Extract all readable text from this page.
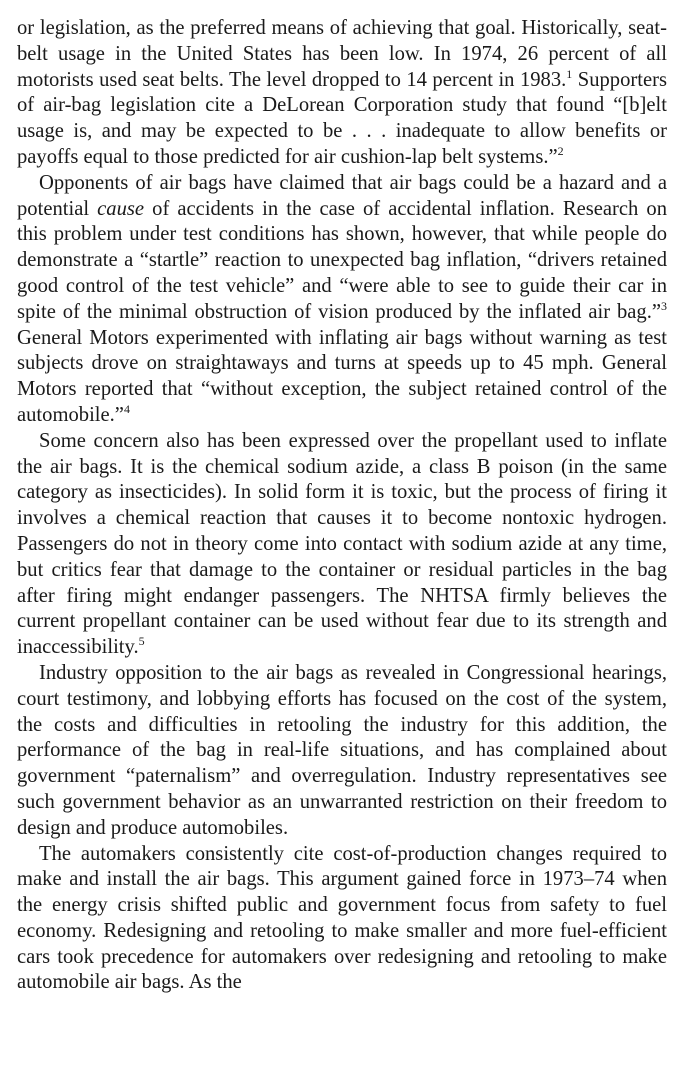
or legislation, as the preferred means of achieving that goal. Historically, seat-belt usage in the United States has been low. In 1974, 26 percent of all motorists used seat belts. The level dropped to 14 percent in 1983.$^1$ Supporters of air-bag legislation cite a DeLorean Corporation study that found “[b]elt usage is, and may be expected to be . . . inadequate to allow benefits or payoffs equal to those predicted for air cushion-lap belt systems.”$^2$

Opponents of air bags have claimed that air bags could be a hazard and a potential cause of accidents in the case of accidental inflation. Research on this problem under test conditions has shown, however, that while people do demonstrate a “startle” reaction to unexpected bag inflation, “drivers retained good control of the test vehicle” and “were able to see to guide their car in spite of the minimal obstruction of vision produced by the inflated air bag.”$^3$ General Motors experimented with inflating air bags without warning as test subjects drove on straightaways and turns at speeds up to 45 mph. General Motors reported that “without exception, the subject retained control of the automobile.”$^4$

Some concern also has been expressed over the propellant used to inflate the air bags. It is the chemical sodium azide, a class B poison (in the same category as insecticides). In solid form it is toxic, but the process of firing it involves a chemical reaction that causes it to become nontoxic hydrogen. Passengers do not in theory come into contact with sodium azide at any time, but critics fear that damage to the container or residual particles in the bag after firing might endanger passengers. The NHTSA firmly believes the current propellant container can be used without fear due to its strength and inaccessibility.$^5$

Industry opposition to the air bags as revealed in Congressional hearings, court testimony, and lobbying efforts has focused on the cost of the system, the costs and difficulties in retooling the industry for this addition, the performance of the bag in real-life situations, and has complained about government “paternalism” and overregulation. Industry representatives see such government behavior as an unwarranted restriction on their freedom to design and produce automobiles.

The automakers consistently cite cost-of-production changes required to make and install the air bags. This argument gained force in 1973–74 when the energy crisis shifted public and government focus from safety to fuel economy. Redesigning and retooling to make smaller and more fuel-efficient cars took precedence for automakers over redesigning and retooling to make automobile air bags. As the
